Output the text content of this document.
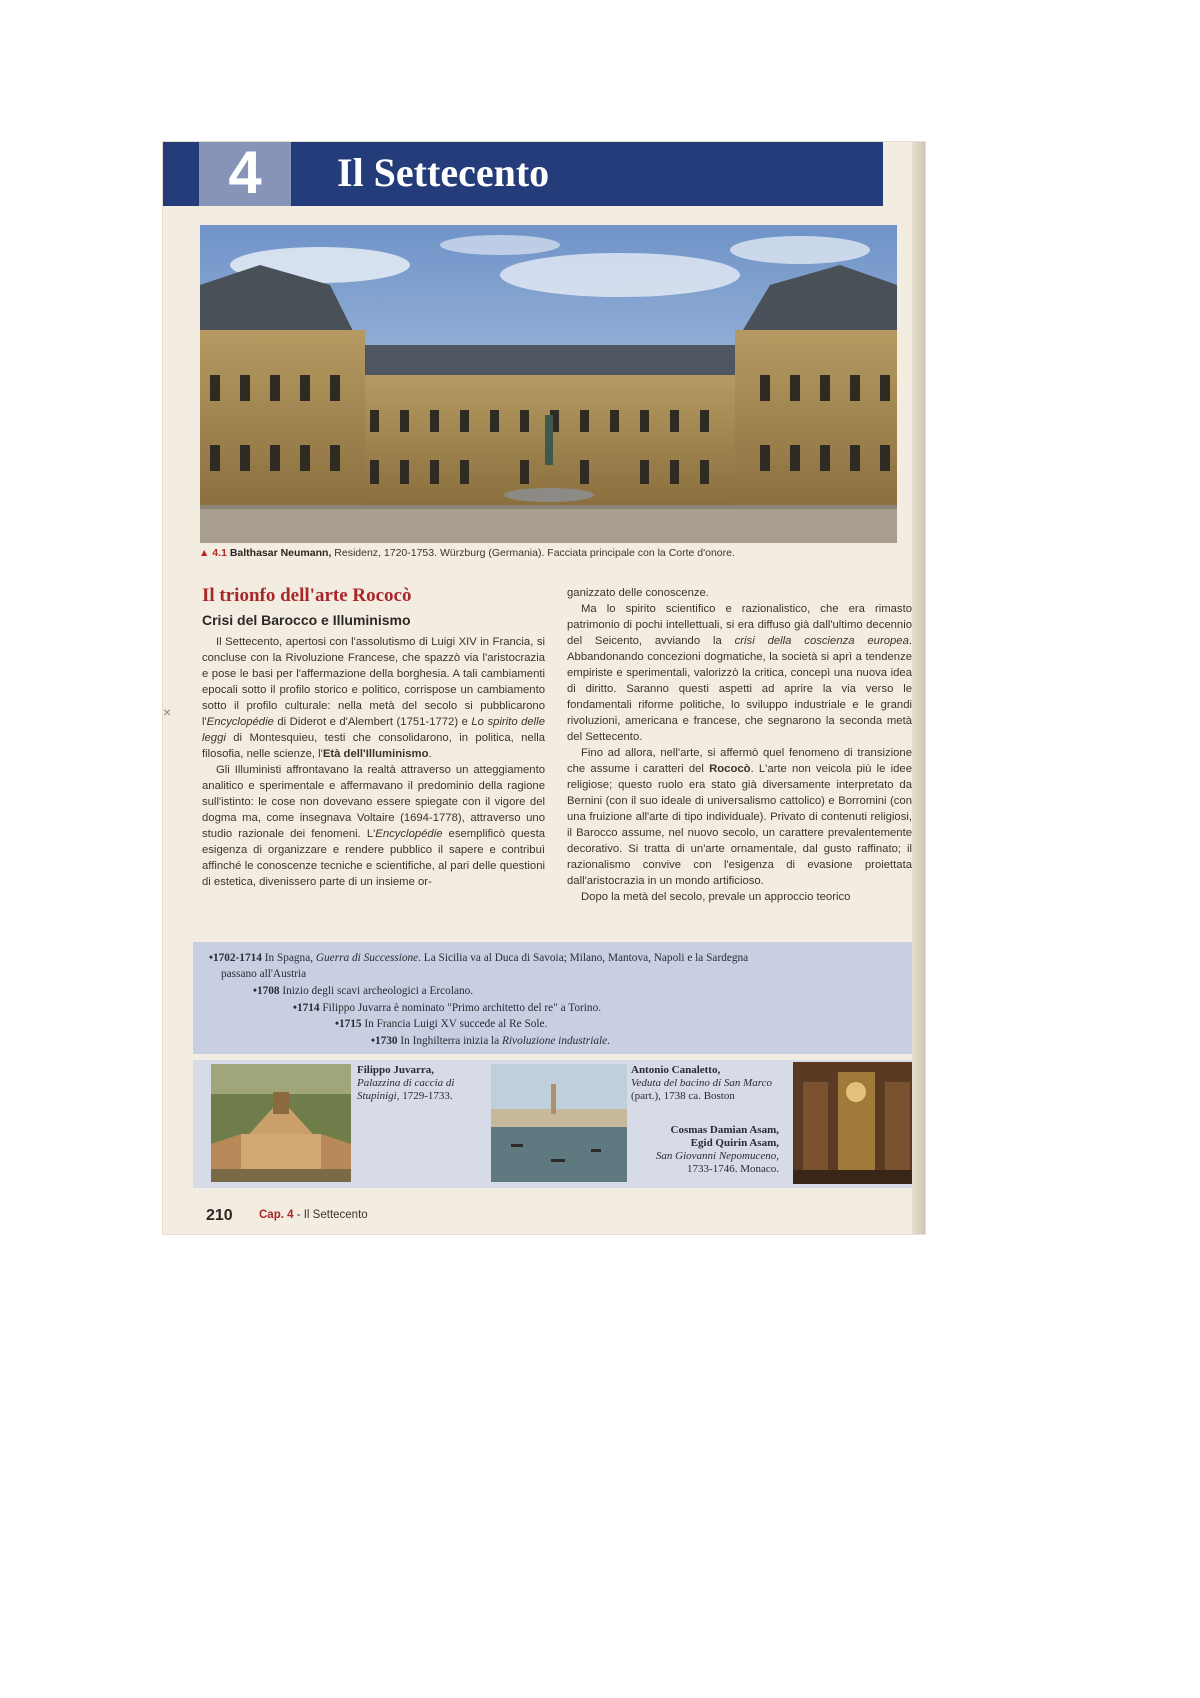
4	Il Settecento
▲ 4.1 Balthasar Neumann, Residenz, 1720-1753. Würzburg (Germania). Facciata principale con la Corte d'onore.
Il trionfo dell'arte Rococò
Crisi del Barocco e Illuminismo

Il Settecento, apertosi con l'assolutismo di Luigi XIV in Francia, si concluse con la Rivoluzione Francese, che spazzò via l'aristocrazia e pose le basi per l'affermazione della borghesia. A tali cambiamenti epocali sotto il profilo storico e politico, corrispose un cambiamento sotto il profilo culturale: nella metà del secolo si pubblicarono l'Encyclopédie di Diderot e d'Alembert (1751-1772) e Lo spirito delle leggi di Montesquieu, testi che consolidarono, in politica, nella filosofia, nelle scienze, l'Età dell'Illuminismo.

Gli Illuministi affrontavano la realtà attraverso un atteggiamento analitico e sperimentale e affermavano il predominio della ragione sull'istinto: le cose non dovevano essere spiegate con il vigore del dogma ma, come insegnava Voltaire (1694-1778), attraverso uno studio razionale dei fenomeni. L'Encyclopédie esemplificò questa esigenza di organizzare e rendere pubblico il sapere e contribuì affinché le conoscenze tecniche e scientifiche, al pari delle questioni di estetica, divenissero parte di un insieme or-

ganizzato delle conoscenze.

Ma lo spirito scientifico e razionalistico, che era rimasto patrimonio di pochi intellettuali, si era diffuso già dall'ultimo decennio del Seicento, avviando la crisi della coscienza europea. Abbandonando concezioni dogmatiche, la società si aprì a tendenze empiriste e sperimentali, valorizzò la critica, concepì una nuova idea di diritto. Saranno questi aspetti ad aprire la via verso le fondamentali riforme politiche, lo sviluppo industriale e le grandi rivoluzioni, americana e francese, che segnarono la seconda metà del Settecento.

Fino ad allora, nell'arte, si affermò quel fenomeno di transizione che assume i caratteri del Rococò. L'arte non veicola più le idee religiose; questo ruolo era stato già diversamente interpretato da Bernini (con il suo ideale di universalismo cattolico) e Borromini (con una fruizione all'arte di tipo individuale). Privato di contenuti religiosi, il Barocco assume, nel nuovo secolo, un carattere prevalentemente decorativo. Si tratta di un'arte ornamentale, dal gusto raffinato; il razionalismo convive con l'esigenza di evasione proiettata dall'aristocrazia in un mondo artificioso.

Dopo la metà del secolo, prevale un approccio teorico

•1702-1714 In Spagna, Guerra di Successione. La Sicilia va al Duca di Savoia; Milano, Mantova, Napoli e la Sardegna
passano all'Austria
•1708 Inizio degli scavi archeologici a Ercolano.
•1714 Filippo Juvarra è nominato "Primo architetto del re" a Torino.
•1715 In Francia Luigi XV succede al Re Sole.
•1730 In Inghilterra inizia la Rivoluzione industriale.
Filippo Juvarra,
Palazzina di caccia di Stupinigi, 1729-1733.
Antonio Canaletto,
Veduta del bacino di San Marco (part.), 1738 ca. Boston
Cosmas Damian Asam,
Egid Quirin Asam,
San Giovanni Nepomuceno,
1733-1746. Monaco.
210 Cap. 4 - Il Settecento
×
